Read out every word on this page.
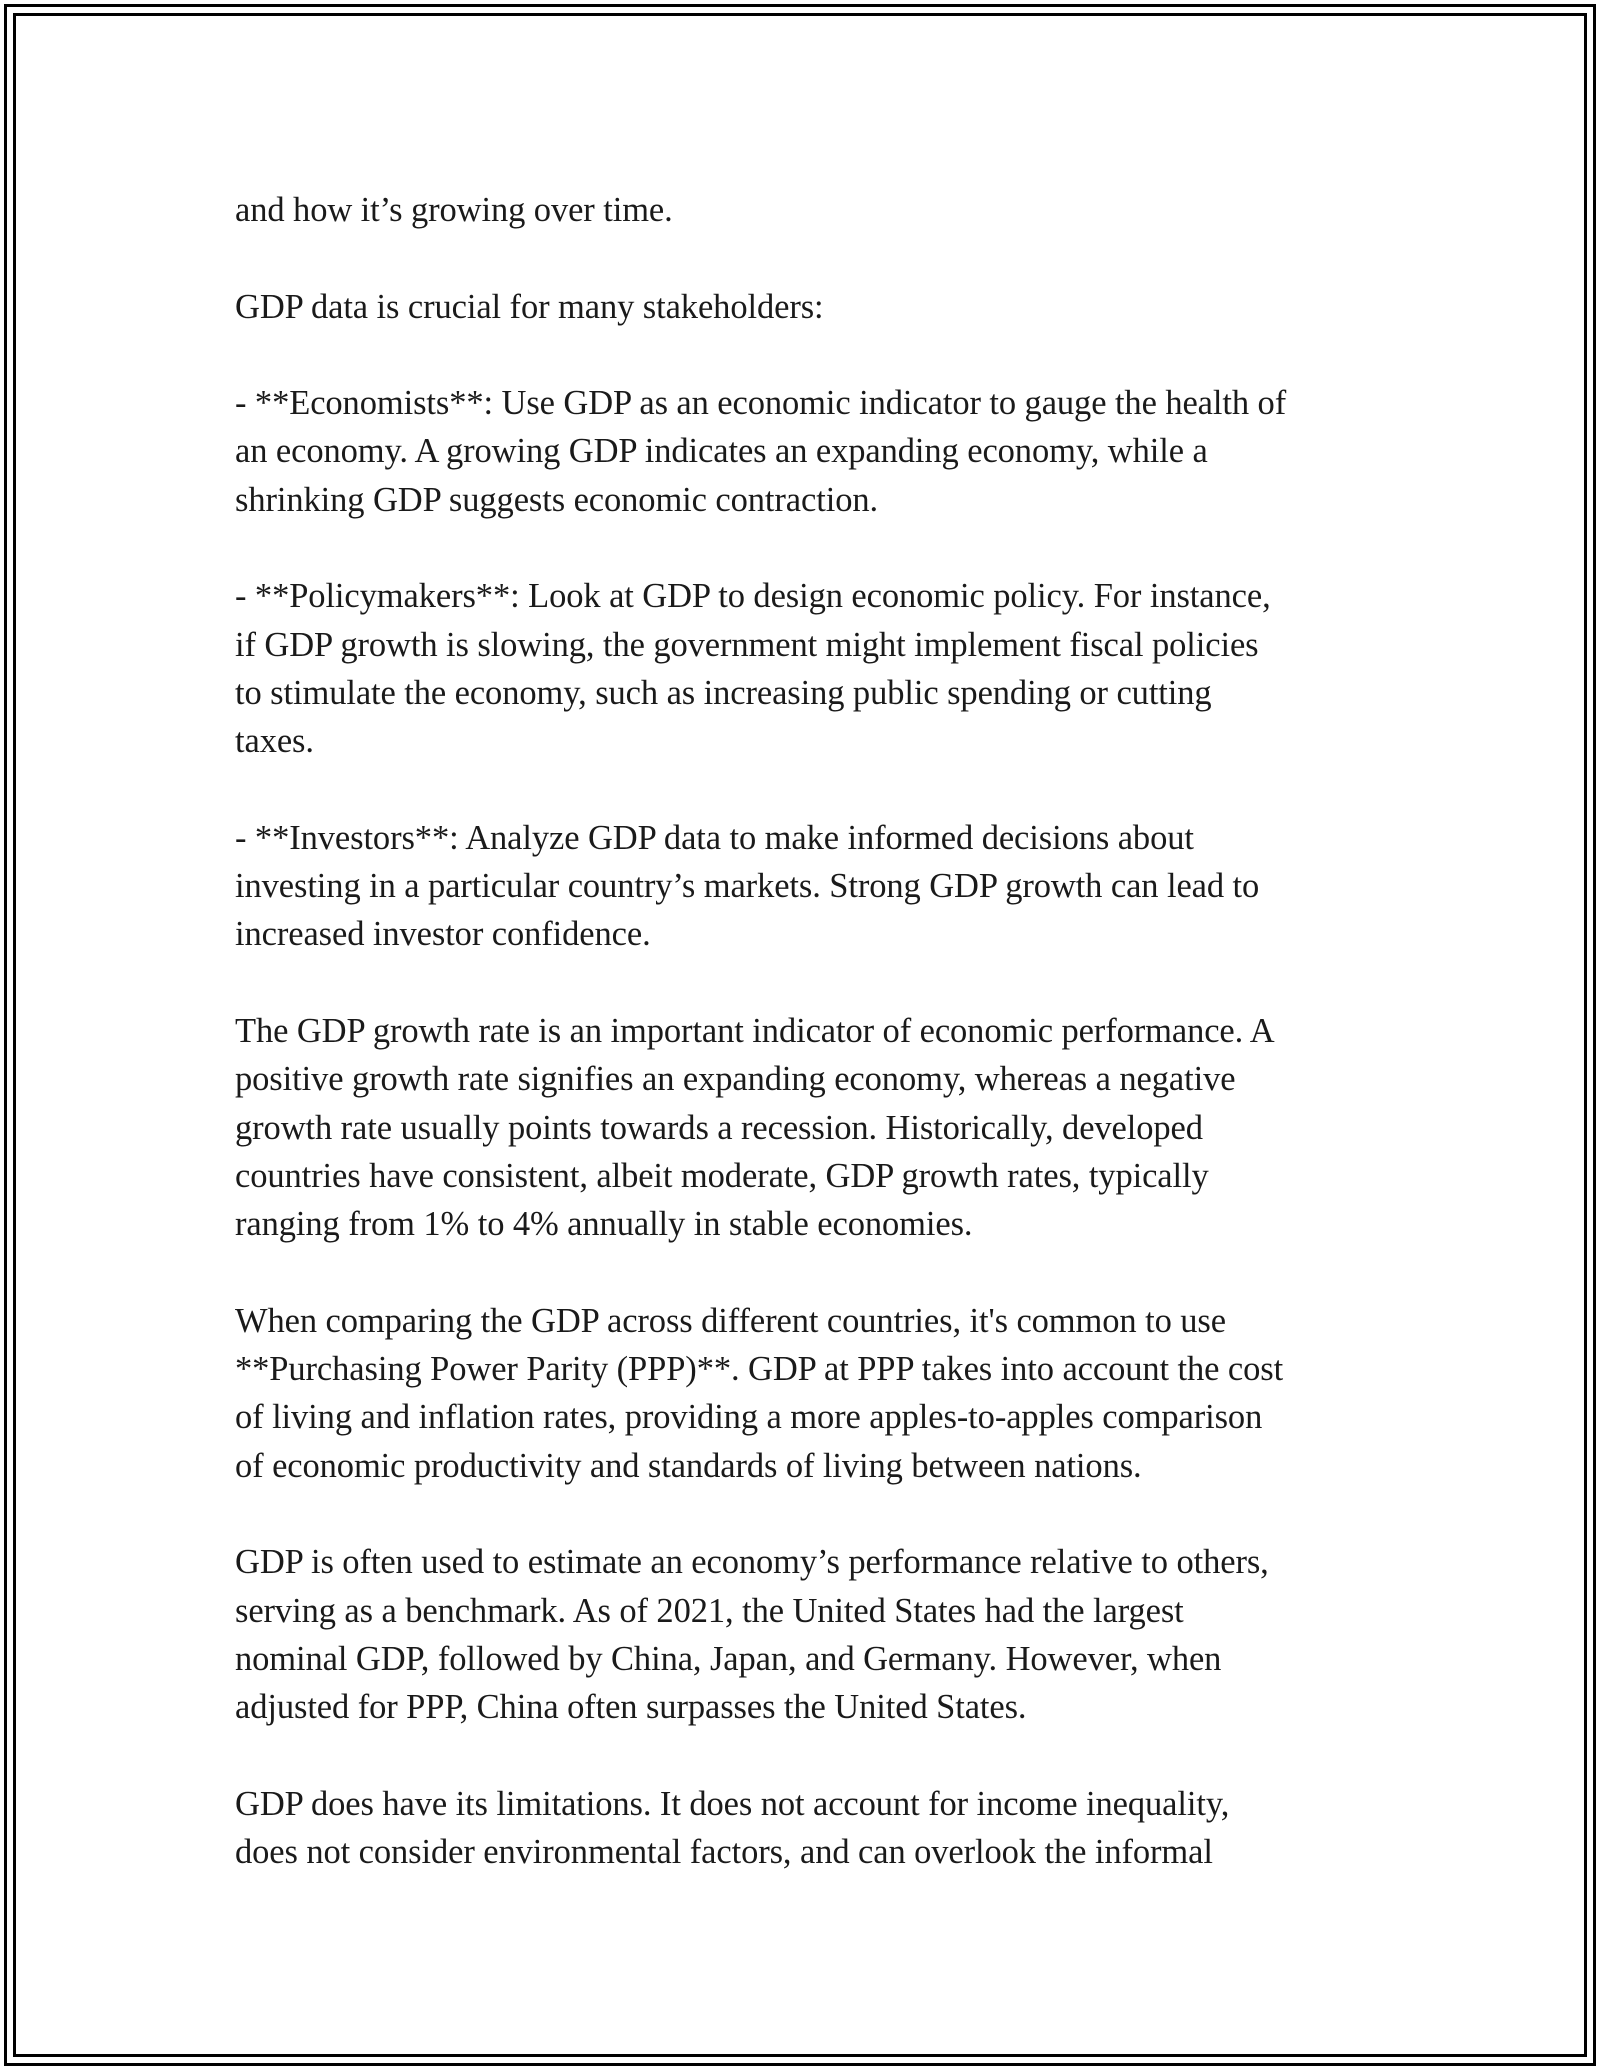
and how it’s growing over time.

GDP data is crucial for many stakeholders:

- **Economists**: Use GDP as an economic indicator to gauge the health of
an economy. A growing GDP indicates an expanding economy, while a
shrinking GDP suggests economic contraction.

- **Policymakers**: Look at GDP to design economic policy. For instance,
if GDP growth is slowing, the government might implement fiscal policies
to stimulate the economy, such as increasing public spending or cutting
taxes.

- **Investors**: Analyze GDP data to make informed decisions about
investing in a particular country’s markets. Strong GDP growth can lead to
increased investor confidence.

The GDP growth rate is an important indicator of economic performance. A
positive growth rate signifies an expanding economy, whereas a negative
growth rate usually points towards a recession. Historically, developed
countries have consistent, albeit moderate, GDP growth rates, typically
ranging from 1% to 4% annually in stable economies.

When comparing the GDP across different countries, it's common to use
**Purchasing Power Parity (PPP)**. GDP at PPP takes into account the cost
of living and inflation rates, providing a more apples-to-apples comparison
of economic productivity and standards of living between nations.

GDP is often used to estimate an economy’s performance relative to others,
serving as a benchmark. As of 2021, the United States had the largest
nominal GDP, followed by China, Japan, and Germany. However, when
adjusted for PPP, China often surpasses the United States.

GDP does have its limitations. It does not account for income inequality,
does not consider environmental factors, and can overlook the informal
